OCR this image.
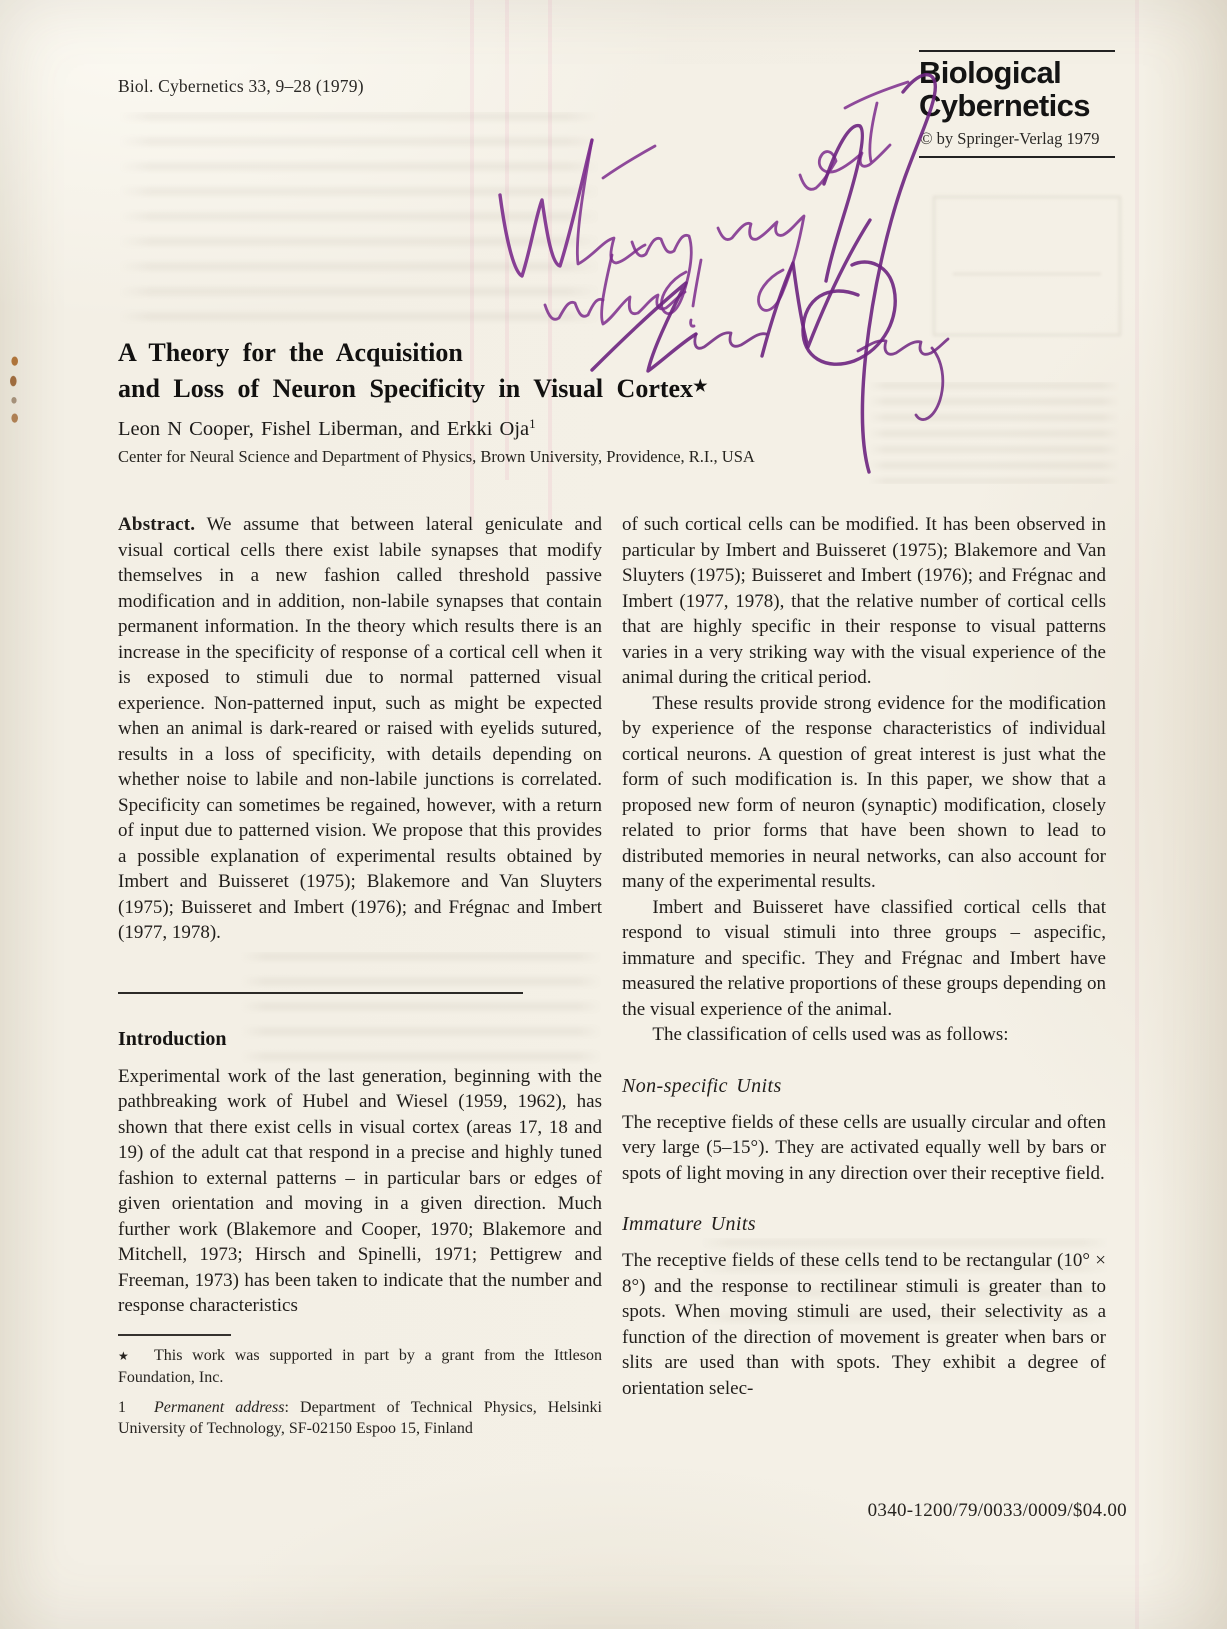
Biol. Cybernetics 33, 9–28 (1979)	Biological
Cybernetics
© by Springer-Verlag 1979
A Theory for the Acquisition
and Loss of Neuron Specificity in Visual Cortex★
Leon N Cooper, Fishel Liberman, and Erkki Oja$^1$
Center for Neural Science and Department of Physics, Brown University, Providence, R.I., USA

Abstract. We assume that between lateral geniculate and visual cortical cells there exist labile synapses that modify themselves in a new fashion called threshold passive modification and in addition, non-labile synapses that contain permanent information. In the theory which results there is an increase in the specificity of response of a cortical cell when it is exposed to stimuli due to normal patterned visual experience. Non-patterned input, such as might be expected when an animal is dark-reared or raised with eyelids sutured, results in a loss of specificity, with details depending on whether noise to labile and non-labile junctions is correlated. Specificity can sometimes be regained, however, with a return of input due to patterned vision. We propose that this provides a possible explanation of experimental results obtained by Imbert and Buisseret (1975); Blakemore and Van Sluyters (1975); Buisseret and Imbert (1976); and Frégnac and Imbert (1977, 1978).

Introduction

Experimental work of the last generation, beginning with the pathbreaking work of Hubel and Wiesel (1959, 1962), has shown that there exist cells in visual cortex (areas 17, 18 and 19) of the adult cat that respond in a precise and highly tuned fashion to external patterns – in particular bars or edges of given orientation and moving in a given direction. Much further work (Blakemore and Cooper, 1970; Blakemore and Mitchell, 1973; Hirsch and Spinelli, 1971; Pettigrew and Freeman, 1973) has been taken to indicate that the number and response characteristics

★ This work was supported in part by a grant from the Ittleson Foundation, Inc.

1 Permanent address: Department of Technical Physics, Helsinki University of Technology, SF-02150 Espoo 15, Finland

of such cortical cells can be modified. It has been observed in particular by Imbert and Buisseret (1975); Blakemore and Van Sluyters (1975); Buisseret and Imbert (1976); and Frégnac and Imbert (1977, 1978), that the relative number of cortical cells that are highly specific in their response to visual patterns varies in a very striking way with the visual experience of the animal during the critical period.

These results provide strong evidence for the modification by experience of the response characteristics of individual cortical neurons. A question of great interest is just what the form of such modification is. In this paper, we show that a proposed new form of neuron (synaptic) modification, closely related to prior forms that have been shown to lead to distributed memories in neural networks, can also account for many of the experimental results.

Imbert and Buisseret have classified cortical cells that respond to visual stimuli into three groups – aspecific, immature and specific. They and Frégnac and Imbert have measured the relative proportions of these groups depending on the visual experience of the animal.

The classification of cells used was as follows:

Non-specific Units

The receptive fields of these cells are usually circular and often very large (5–15°). They are activated equally well by bars or spots of light moving in any direction over their receptive field.

Immature Units

The receptive fields of these cells tend to be rectangular (10° × 8°) and the response to rectilinear stimuli is greater than to spots. When moving stimuli are used, their selectivity as a function of the direction of movement is greater when bars or slits are used than with spots. They exhibit a degree of orientation selec-

0340-1200/79/0033/0009/$04.00
